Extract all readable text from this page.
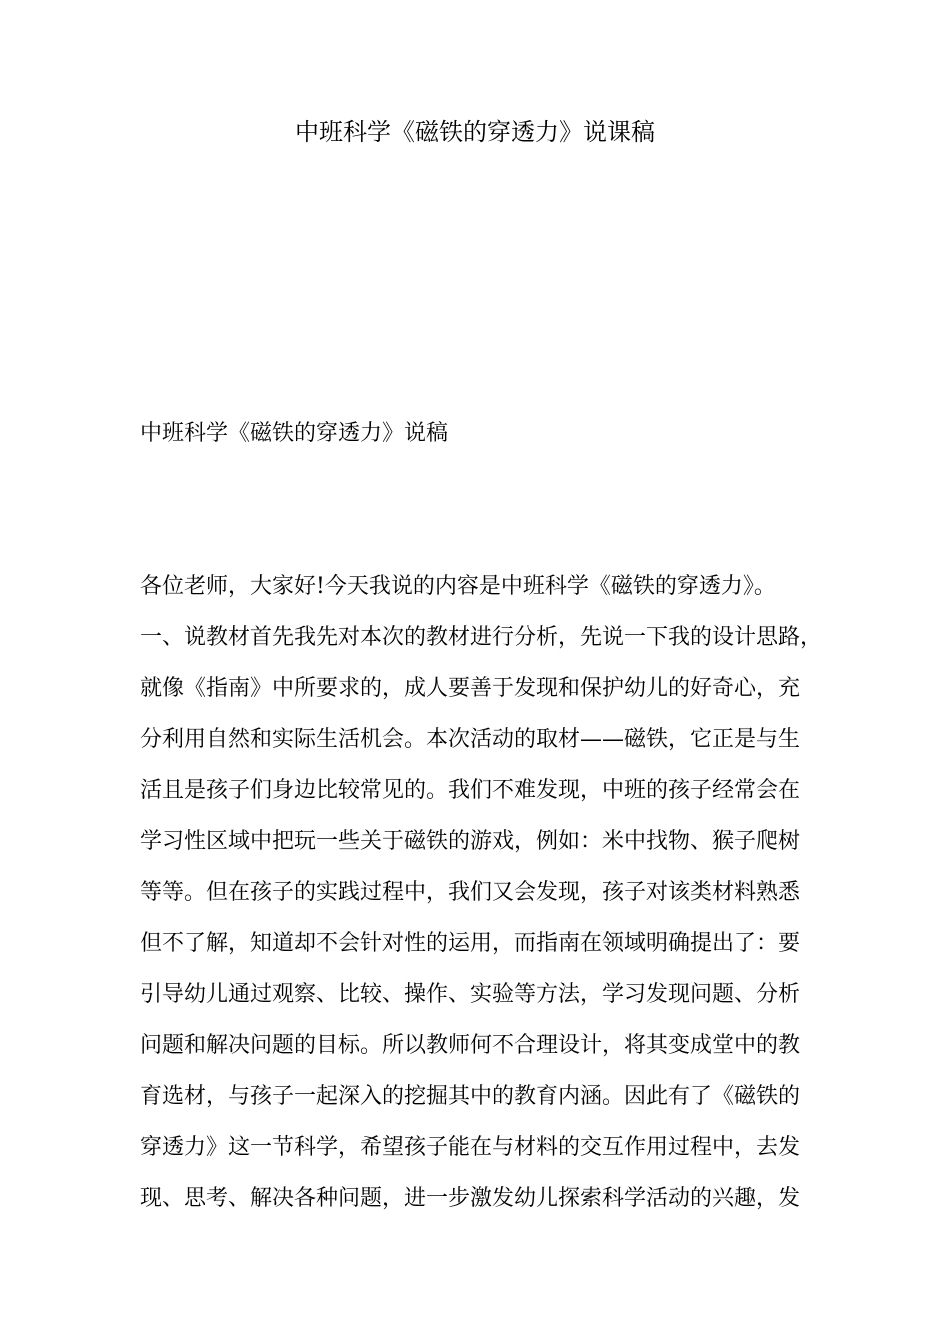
中班科学《磁铁的穿透力》说课稿
中班科学《磁铁的穿透力》说稿
各位老师，大家好!今天我说的内容是中班科学《磁铁的穿透力》。
一、说教材首先我先对本次的教材进行分析，先说一下我的设计思路，
就像《指南》中所要求的，成人要善于发现和保护幼儿的好奇心，充
分利用自然和实际生活机会。本次活动的取材——磁铁，它正是与生
活且是孩子们身边比较常见的。我们不难发现，中班的孩子经常会在
学习性区域中把玩一些关于磁铁的游戏，例如：米中找物、猴子爬树
等等。但在孩子的实践过程中，我们又会发现，孩子对该类材料熟悉
但不了解，知道却不会针对性的运用，而指南在领域明确提出了：要
引导幼儿通过观察、比较、操作、实验等方法，学习发现问题、分析
问题和解决问题的目标。所以教师何不合理设计，将其变成堂中的教
育选材，与孩子一起深入的挖掘其中的教育内涵。因此有了《磁铁的
穿透力》这一节科学，希望孩子能在与材料的交互作用过程中，去发
现、思考、解决各种问题，进一步激发幼儿探索科学活动的兴趣，发
